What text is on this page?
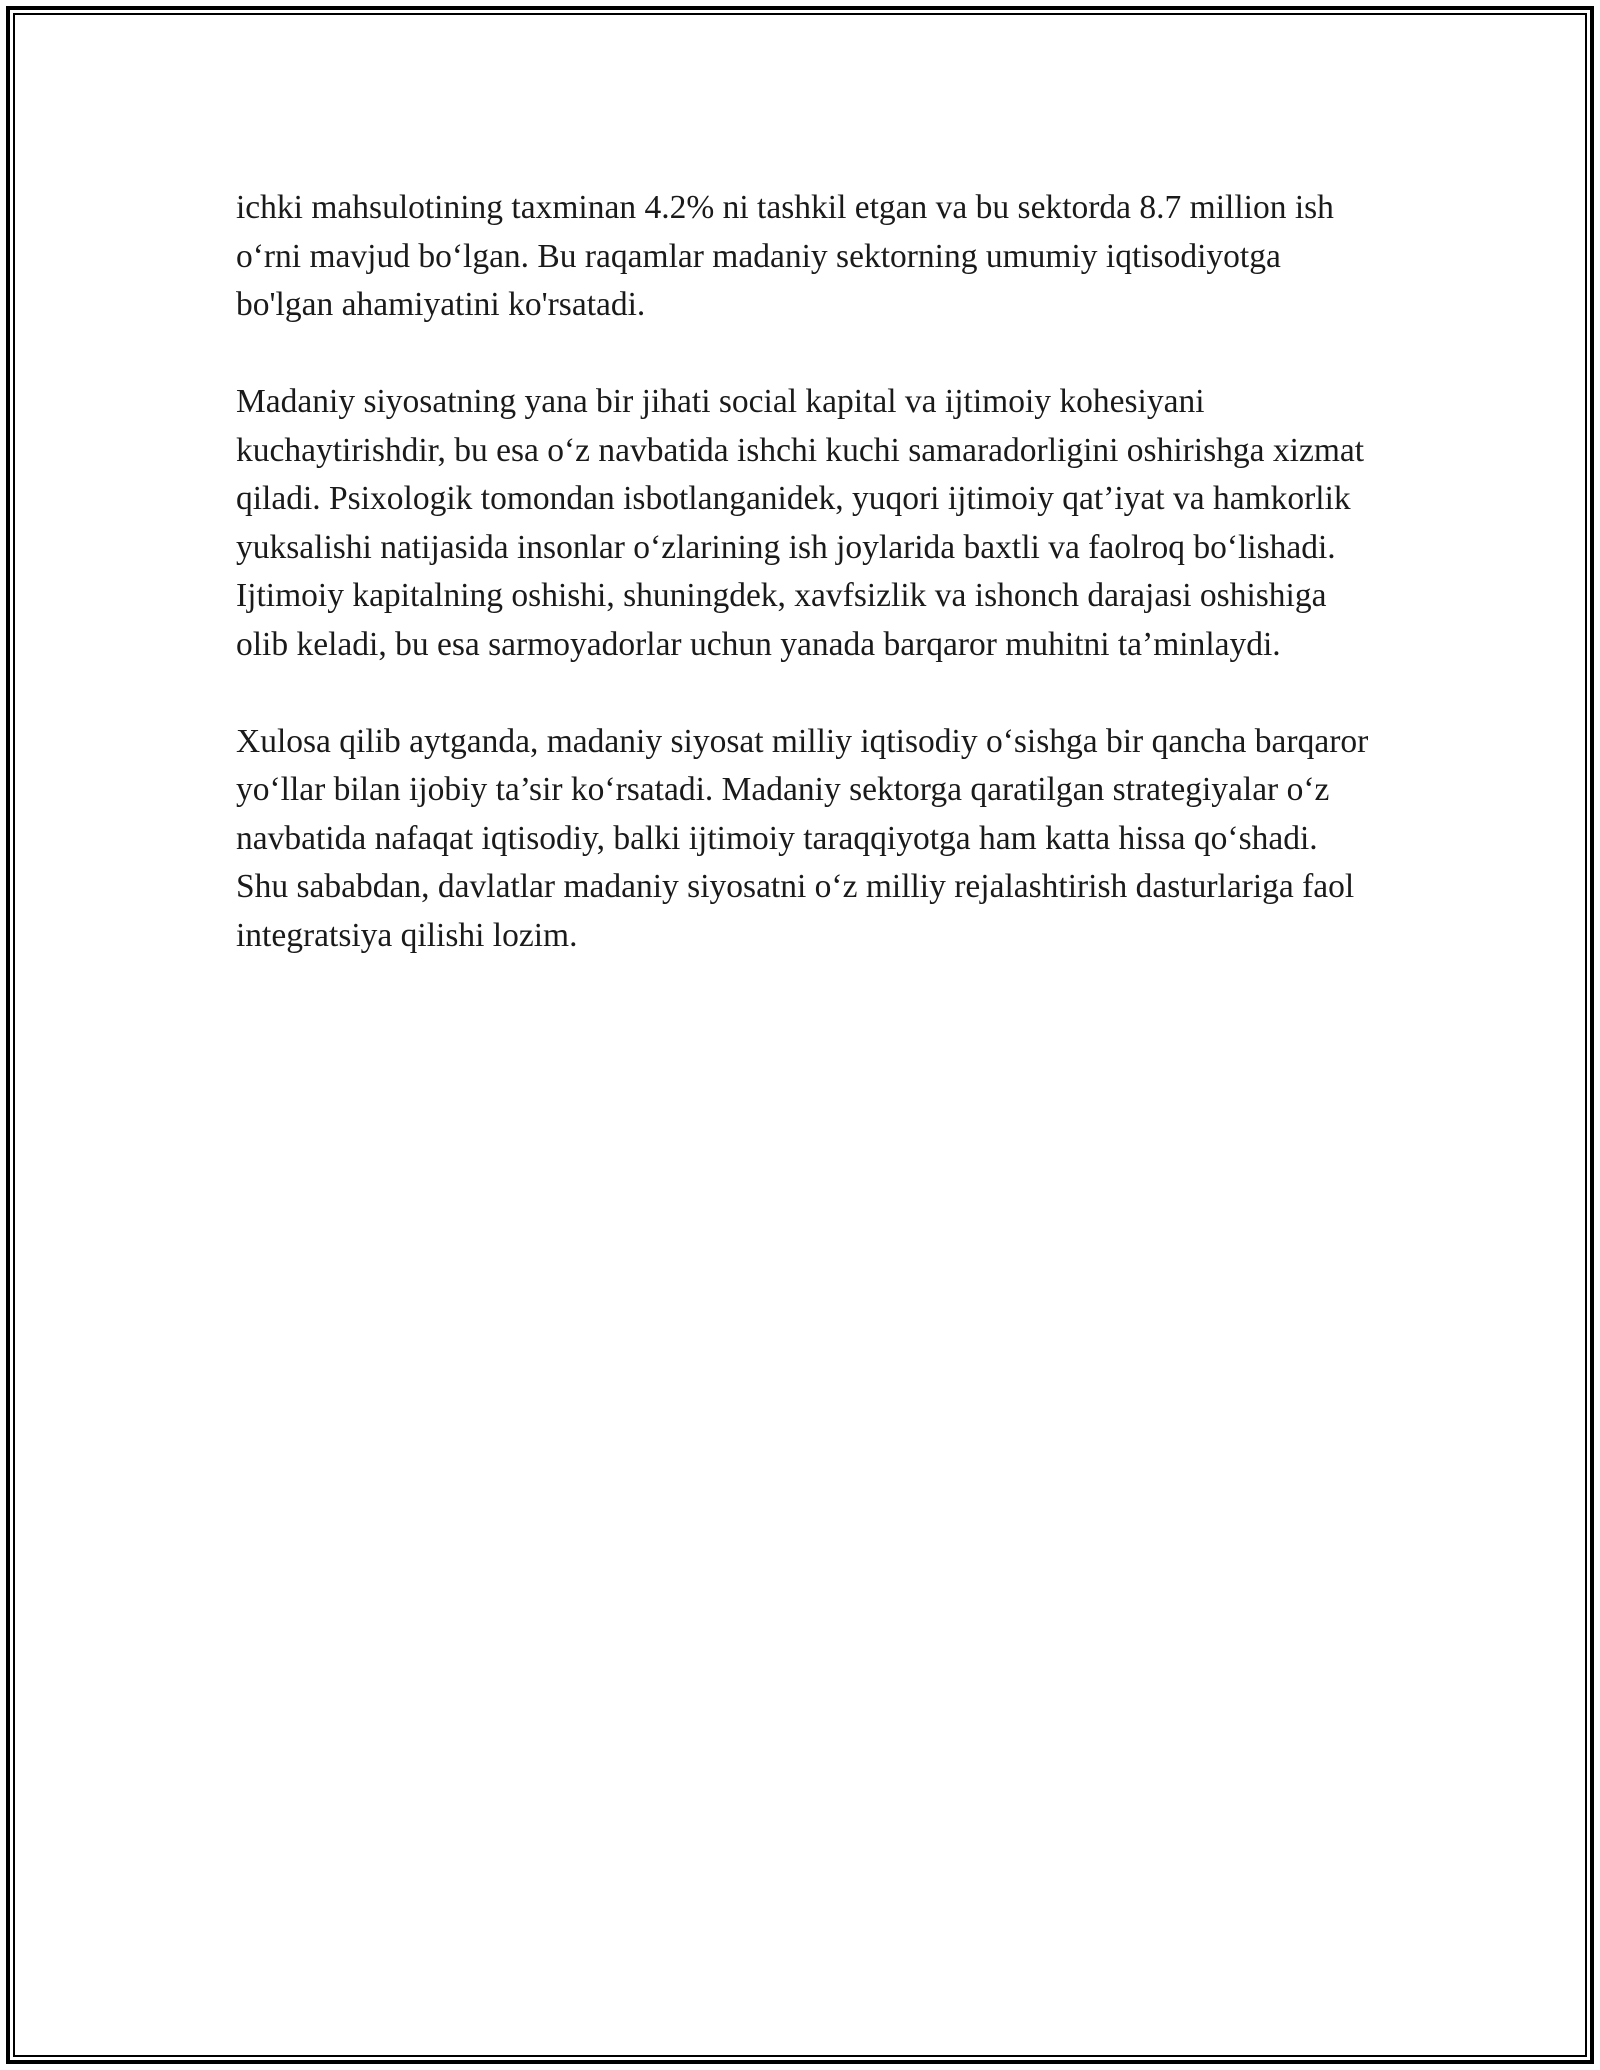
ichki mahsulotining taxminan 4.2% ni tashkil etgan va bu sektorda 8.7 million ish o‘rni mavjud bo‘lgan. Bu raqamlar madaniy sektorning umumiy iqtisodiyotga bo'lgan ahamiyatini ko'rsatadi.

Madaniy siyosatning yana bir jihati social kapital va ijtimoiy kohesiyani kuchaytirishdir, bu esa o‘z navbatida ishchi kuchi samaradorligini oshirishga xizmat qiladi. Psixologik tomondan isbotlanganidek, yuqori ijtimoiy qat’iyat va hamkorlik yuksalishi natijasida insonlar o‘zlarining ish joylarida baxtli va faolroq bo‘lishadi. Ijtimoiy kapitalning oshishi, shuningdek, xavfsizlik va ishonch darajasi oshishiga olib keladi, bu esa sarmoyadorlar uchun yanada barqaror muhitni ta’minlaydi.

Xulosa qilib aytganda, madaniy siyosat milliy iqtisodiy o‘sishga bir qancha barqaror yo‘llar bilan ijobiy ta’sir ko‘rsatadi. Madaniy sektorga qaratilgan strategiyalar o‘z navbatida nafaqat iqtisodiy, balki ijtimoiy taraqqiyotga ham katta hissa qo‘shadi. Shu sababdan, davlatlar madaniy siyosatni o‘z milliy rejalashtirish dasturlariga faol integratsiya qilishi lozim.
